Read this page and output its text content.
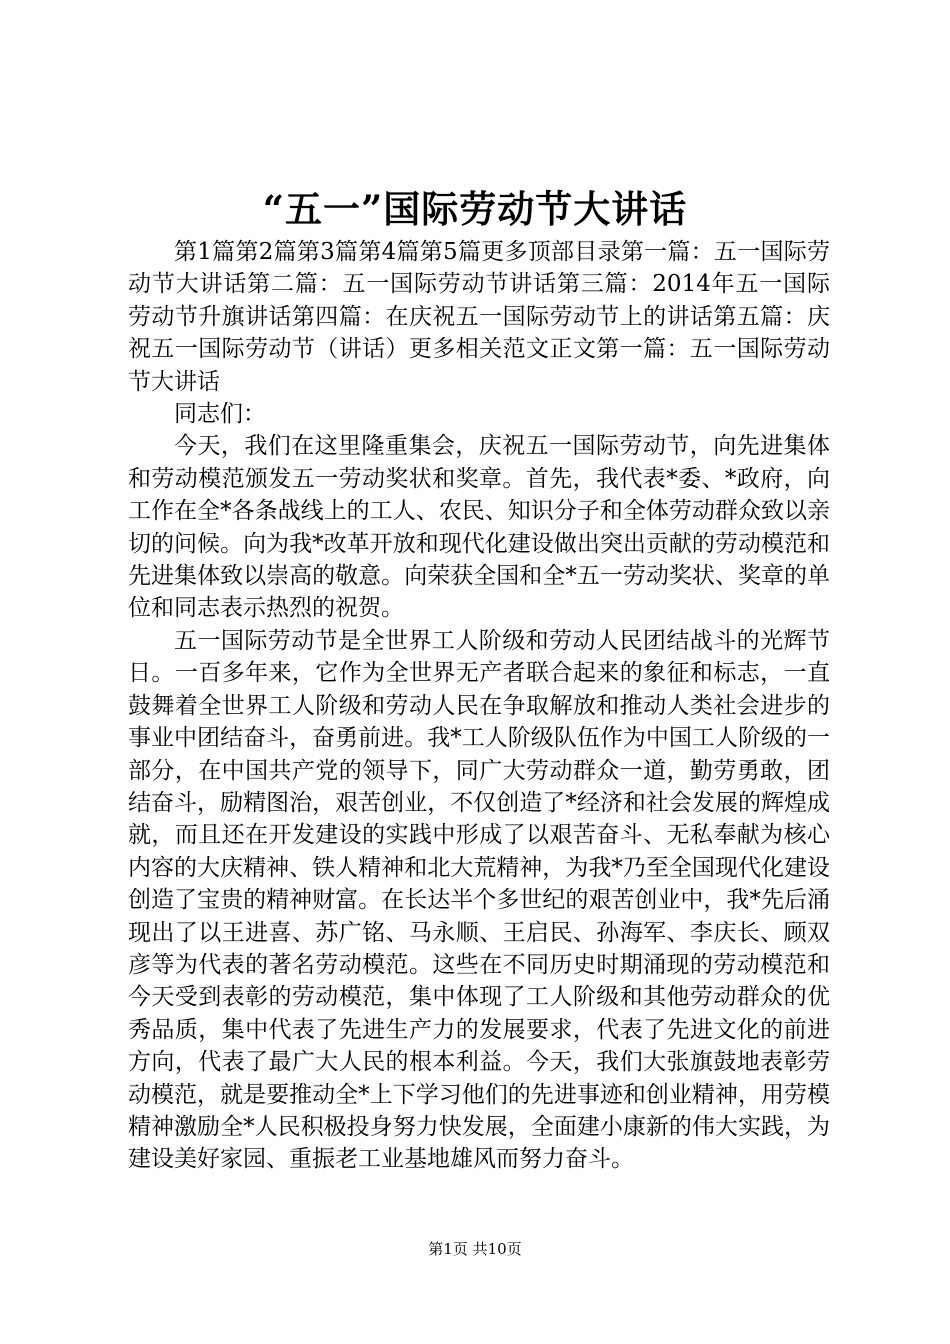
“五一”国际劳动节大讲话

第1篇第2篇第3篇第4篇第5篇更多顶部目录第一篇：五一国际劳动节大讲话第二篇：五一国际劳动节讲话第三篇：2014年五一国际劳动节升旗讲话第四篇：在庆祝五一国际劳动节上的讲话第五篇：庆祝五一国际劳动节（讲话）更多相关范文正文第一篇：五一国际劳动节大讲话

同志们：

今天，我们在这里隆重集会，庆祝五一国际劳动节，向先进集体和劳动模范颁发五一劳动奖状和奖章。首先，我代表*委、*政府，向工作在全*各条战线上的工人、农民、知识分子和全体劳动群众致以亲切的问候。向为我*改革开放和现代化建设做出突出贡献的劳动模范和先进集体致以崇高的敬意。向荣获全国和全*五一劳动奖状、奖章的单位和同志表示热烈的祝贺。

五一国际劳动节是全世界工人阶级和劳动人民团结战斗的光辉节日。一百多年来，它作为全世界无产者联合起来的象征和标志，一直鼓舞着全世界工人阶级和劳动人民在争取解放和推动人类社会进步的事业中团结奋斗，奋勇前进。我*工人阶级队伍作为中国工人阶级的一部分，在中国共产党的领导下，同广大劳动群众一道，勤劳勇敢，团结奋斗，励精图治，艰苦创业，不仅创造了*经济和社会发展的辉煌成就，而且还在开发建设的实践中形成了以艰苦奋斗、无私奉献为核心内容的大庆精神、铁人精神和北大荒精神，为我*乃至全国现代化建设创造了宝贵的精神财富。在长达半个多世纪的艰苦创业中，我*先后涌现出了以王进喜、苏广铭、马永顺、王启民、孙海军、李庆长、顾双彦等为代表的著名劳动模范。这些在不同历史时期涌现的劳动模范和今天受到表彰的劳动模范，集中体现了工人阶级和其他劳动群众的优秀品质，集中代表了先进生产力的发展要求，代表了先进文化的前进方向，代表了最广大人民的根本利益。今天，我们大张旗鼓地表彰劳动模范，就是要推动全*上下学习他们的先进事迹和创业精神，用劳模精神激励全*人民积极投身努力快发展，全面建小康新的伟大实践，为建设美好家园、重振老工业基地雄风而努力奋斗。

第1页 共10页
